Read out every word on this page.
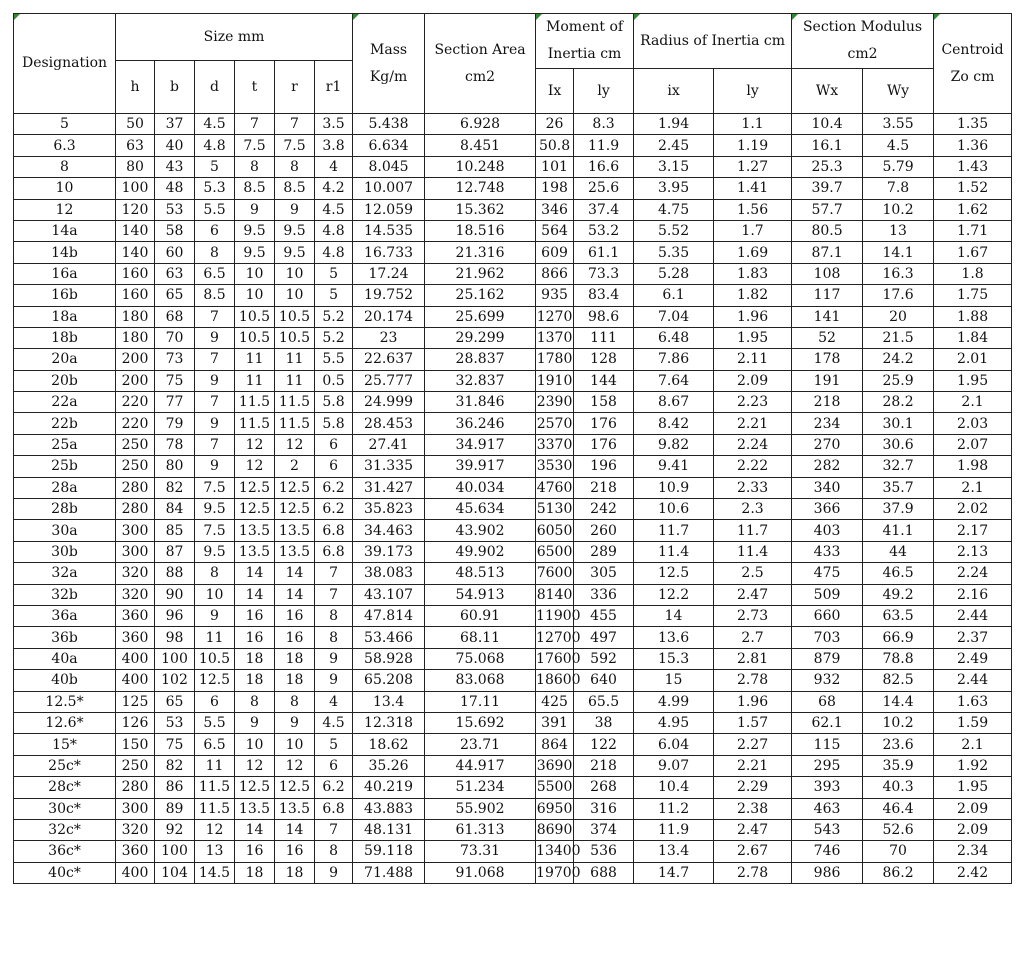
Designation	Size mm						Mass Kg/m	Section Area cm2	Moment of Inertia cm		Radius of Inertia cm		Section Modulus cm2		Centroid Zo cm
	h	b	d	t	r	r1									
									Ix	ly	ix	ly	Wx	Wy	
5	50	37	4.5	7	7	3.5	5.438	6.928	26	8.3	1.94	1.1	10.4	3.55	1.35
6.3	63	40	4.8	7.5	7.5	3.8	6.634	8.451	50.8	11.9	2.45	1.19	16.1	4.5	1.36
8	80	43	5	8	8	4	8.045	10.248	101	16.6	3.15	1.27	25.3	5.79	1.43
10	100	48	5.3	8.5	8.5	4.2	10.007	12.748	198	25.6	3.95	1.41	39.7	7.8	1.52
12	120	53	5.5	9	9	4.5	12.059	15.362	346	37.4	4.75	1.56	57.7	10.2	1.62
14a	140	58	6	9.5	9.5	4.8	14.535	18.516	564	53.2	5.52	1.7	80.5	13	1.71
14b	140	60	8	9.5	9.5	4.8	16.733	21.316	609	61.1	5.35	1.69	87.1	14.1	1.67
16a	160	63	6.5	10	10	5	17.24	21.962	866	73.3	5.28	1.83	108	16.3	1.8
16b	160	65	8.5	10	10	5	19.752	25.162	935	83.4	6.1	1.82	117	17.6	1.75
18a	180	68	7	10.5	10.5	5.2	20.174	25.699	1270	98.6	7.04	1.96	141	20	1.88
18b	180	70	9	10.5	10.5	5.2	23	29.299	1370	111	6.48	1.95	52	21.5	1.84
20a	200	73	7	11	11	5.5	22.637	28.837	1780	128	7.86	2.11	178	24.2	2.01
20b	200	75	9	11	11	0.5	25.777	32.837	1910	144	7.64	2.09	191	25.9	1.95
22a	220	77	7	11.5	11.5	5.8	24.999	31.846	2390	158	8.67	2.23	218	28.2	2.1
22b	220	79	9	11.5	11.5	5.8	28.453	36.246	2570	176	8.42	2.21	234	30.1	2.03
25a	250	78	7	12	12	6	27.41	34.917	3370	176	9.82	2.24	270	30.6	2.07
25b	250	80	9	12	2	6	31.335	39.917	3530	196	9.41	2.22	282	32.7	1.98
28a	280	82	7.5	12.5	12.5	6.2	31.427	40.034	4760	218	10.9	2.33	340	35.7	2.1
28b	280	84	9.5	12.5	12.5	6.2	35.823	45.634	5130	242	10.6	2.3	366	37.9	2.02
30a	300	85	7.5	13.5	13.5	6.8	34.463	43.902	6050	260	11.7	11.7	403	41.1	2.17
30b	300	87	9.5	13.5	13.5	6.8	39.173	49.902	6500	289	11.4	11.4	433	44	2.13
32a	320	88	8	14	14	7	38.083	48.513	7600	305	12.5	2.5	475	46.5	2.24
32b	320	90	10	14	14	7	43.107	54.913	8140	336	12.2	2.47	509	49.2	2.16
36a	360	96	9	16	16	8	47.814	60.91	11900	455	14	2.73	660	63.5	2.44
36b	360	98	11	16	16	8	53.466	68.11	12700	497	13.6	2.7	703	66.9	2.37
40a	400	100	10.5	18	18	9	58.928	75.068	17600	592	15.3	2.81	879	78.8	2.49
40b	400	102	12.5	18	18	9	65.208	83.068	18600	640	15	2.78	932	82.5	2.44
12.5*	125	65	6	8	8	4	13.4	17.11	425	65.5	4.99	1.96	68	14.4	1.63
12.6*	126	53	5.5	9	9	4.5	12.318	15.692	391	38	4.95	1.57	62.1	10.2	1.59
15*	150	75	6.5	10	10	5	18.62	23.71	864	122	6.04	2.27	115	23.6	2.1
25c*	250	82	11	12	12	6	35.26	44.917	3690	218	9.07	2.21	295	35.9	1.92
28c*	280	86	11.5	12.5	12.5	6.2	40.219	51.234	5500	268	10.4	2.29	393	40.3	1.95
30c*	300	89	11.5	13.5	13.5	6.8	43.883	55.902	6950	316	11.2	2.38	463	46.4	2.09
32c*	320	92	12	14	14	7	48.131	61.313	8690	374	11.9	2.47	543	52.6	2.09
36c*	360	100	13	16	16	8	59.118	73.31	13400	536	13.4	2.67	746	70	2.34
40c*	400	104	14.5	18	18	9	71.488	91.068	19700	688	14.7	2.78	986	86.2	2.42
